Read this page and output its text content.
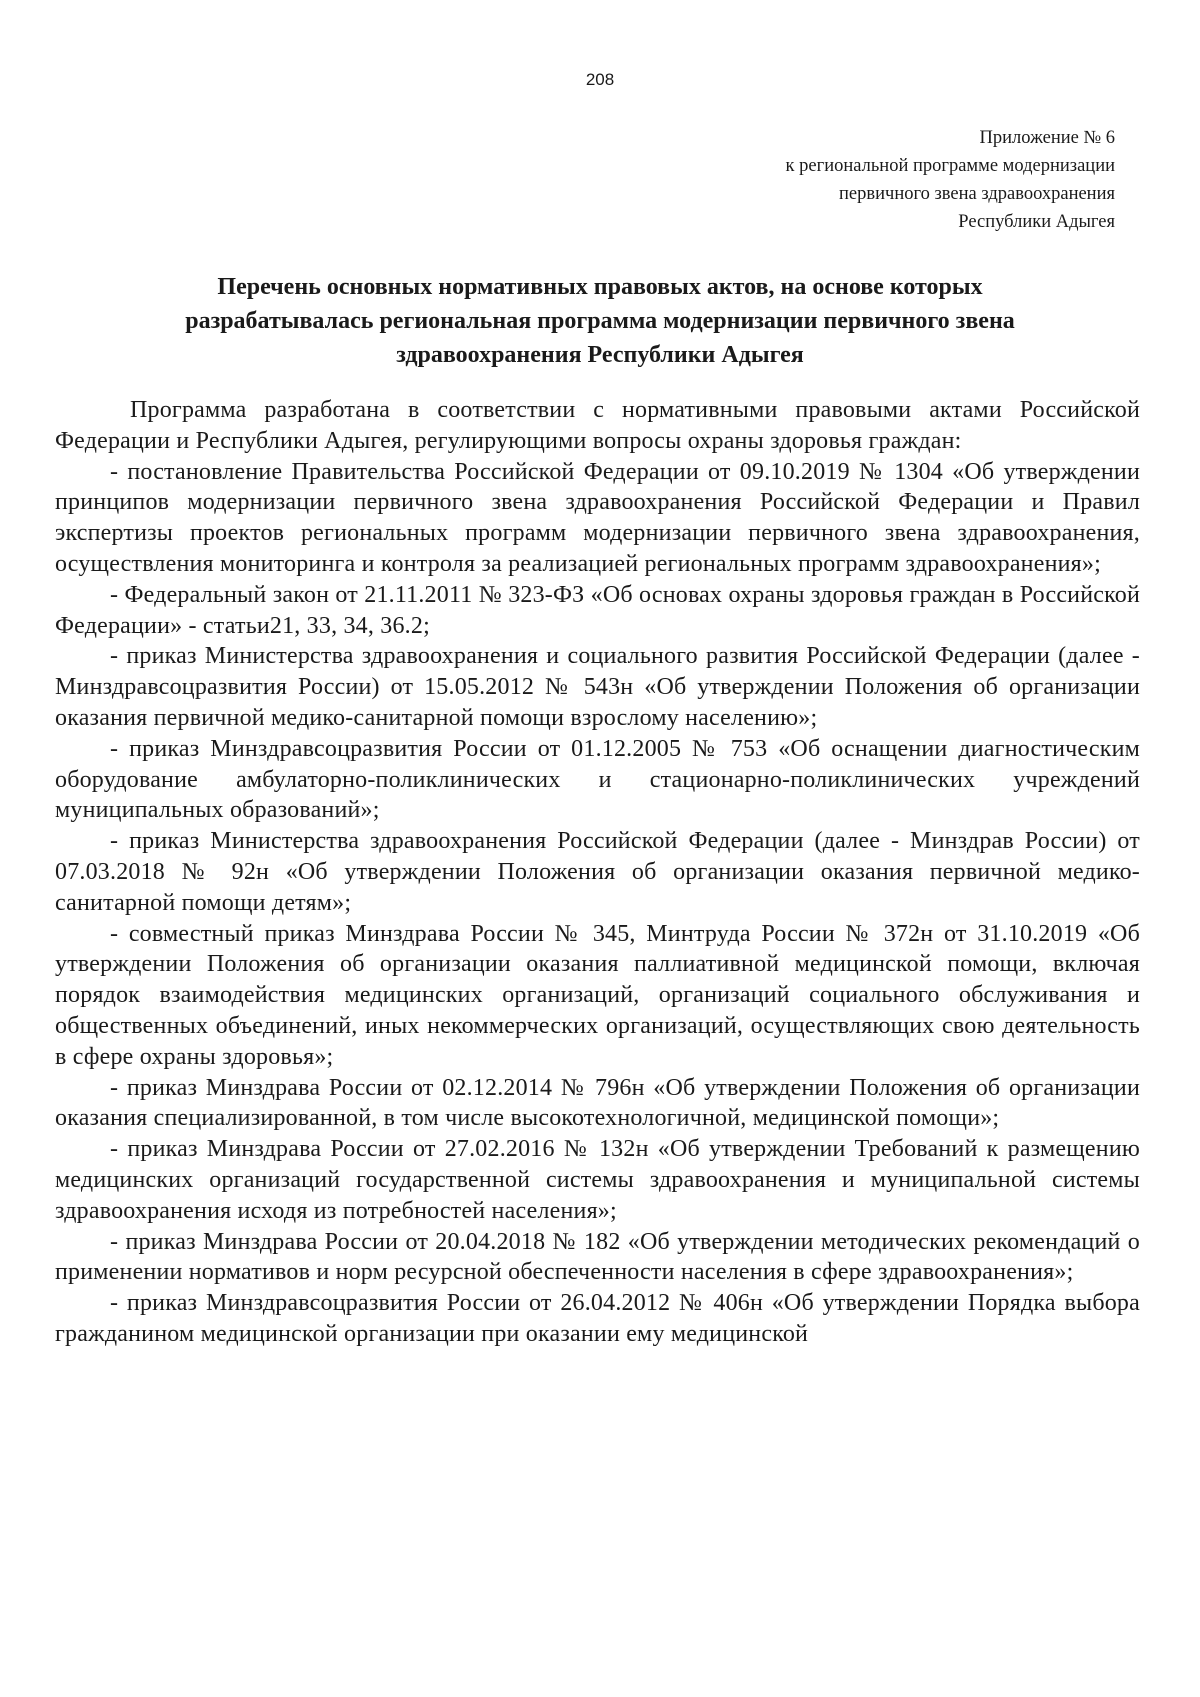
208
Приложение № 6
к региональной программе модернизации
первичного звена здравоохранения
Республики Адыгея
Перечень основных нормативных правовых актов, на основе которых
разрабатывалась региональная программа модернизации первичного звена
здравоохранения Республики Адыгея

Программа разработана в соответствии с нормативными правовыми актами Российской Федерации и Республики Адыгея, регулирующими вопросы охраны здоровья граждан:

- постановление Правительства Российской Федерации от 09.10.2019 № 1304 «Об утверждении принципов модернизации первичного звена здравоохранения Российской Федерации и Правил экспертизы проектов региональных программ модернизации первичного звена здравоохранения, осуществления мониторинга и контроля за реализацией региональных программ здравоохранения»;

- Федеральный закон от 21.11.2011 № 323-ФЗ «Об основах охраны здоровья граждан в Российской Федерации» - статьи21, 33, 34, 36.2;

- приказ Министерства здравоохранения и социального развития Российской Федерации (далее - Минздравсоцразвития России) от 15.05.2012 № 543н «Об утверждении Положения об организации оказания первичной медико-санитарной помощи взрослому населению»;

- приказ Минздравсоцразвития России от 01.12.2005 № 753 «Об оснащении диагностическим оборудование амбулаторно-поликлинических и стационарно-поликлинических учреждений муниципальных образований»;

- приказ Министерства здравоохранения Российской Федерации (далее - Минздрав России) от 07.03.2018 № 92н «Об утверждении Положения об организации оказания первичной медико-санитарной помощи детям»;

- совместный приказ Минздрава России № 345, Минтруда России № 372н от 31.10.2019 «Об утверждении Положения об организации оказания паллиативной медицинской помощи, включая порядок взаимодействия медицинских организаций, организаций социального обслуживания и общественных объединений, иных некоммерческих организаций, осуществляющих свою деятельность в сфере охраны здоровья»;

- приказ Минздрава России от 02.12.2014 № 796н «Об утверждении Положения об организации оказания специализированной, в том числе высокотехнологичной, медицинской помощи»;

- приказ Минздрава России от 27.02.2016 № 132н «Об утверждении Требований к размещению медицинских организаций государственной системы здравоохранения и муниципальной системы здравоохранения исходя из потребностей населения»;

- приказ Минздрава России от 20.04.2018 № 182 «Об утверждении методических рекомендаций о применении нормативов и норм ресурсной обеспеченности населения в сфере здравоохранения»;

- приказ Минздравсоцразвития России от 26.04.2012 № 406н «Об утверждении Порядка выбора гражданином медицинской организации при оказании ему медицинской
